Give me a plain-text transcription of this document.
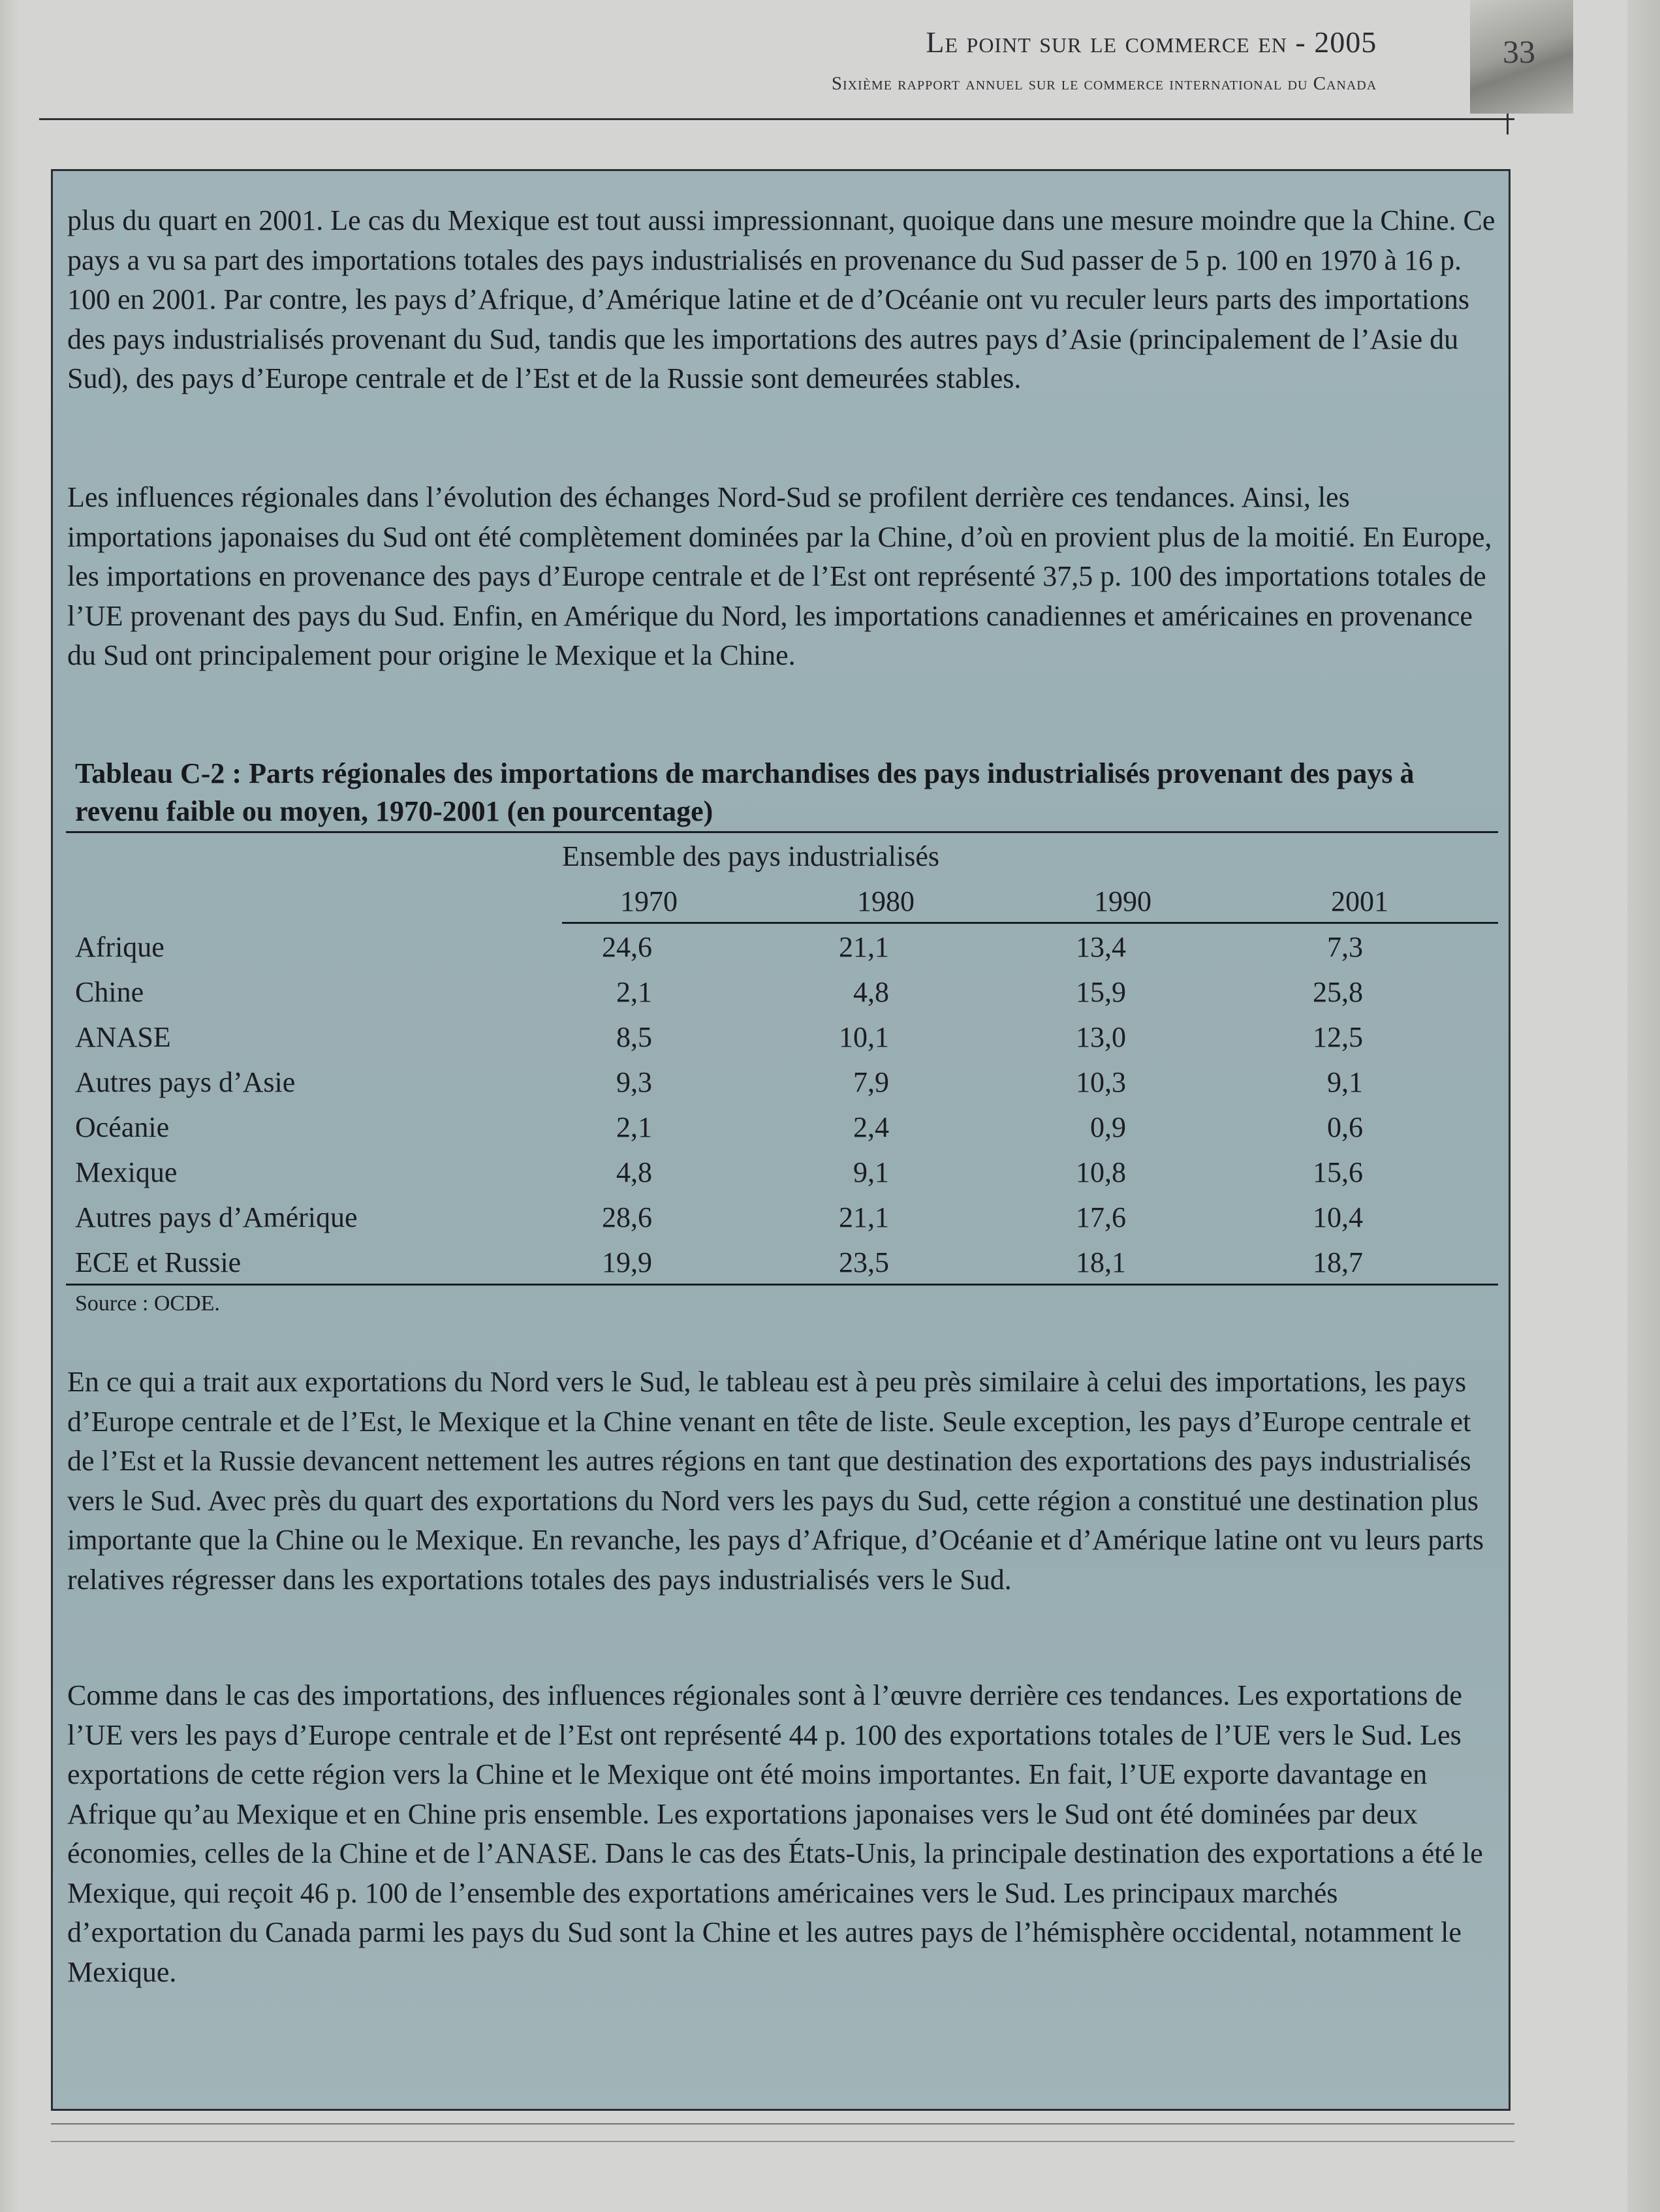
Le point sur le commerce en - 2005
Sixième rapport annuel sur le commerce international du Canada
33

plus du quart en 2001. Le cas du Mexique est tout aussi impressionnant, quoique dans une mesure moindre que la Chine. Ce pays a vu sa part des importations totales des pays industrialisés en provenance du Sud passer de 5 p. 100 en 1970 à 16 p. 100 en 2001. Par contre, les pays d’Afrique, d’Amérique latine et de d’Océanie ont vu reculer leurs parts des importations des pays industrialisés provenant du Sud, tandis que les importations des autres pays d’Asie (principalement de l’Asie du Sud), des pays d’Europe centrale et de l’Est et de la Russie sont demeurées stables.

Les influences régionales dans l’évolution des échanges Nord-Sud se profilent derrière ces tendances. Ainsi, les importations japonaises du Sud ont été complètement dominées par la Chine, d’où en provient plus de la moitié. En Europe, les importations en provenance des pays d’Europe centrale et de l’Est ont représenté 37,5 p. 100 des importations totales de l’UE provenant des pays du Sud. Enfin, en Amérique du Nord, les importations canadiennes et américaines en provenance du Sud ont principalement pour origine le Mexique et la Chine.

Tableau C-2 : Parts régionales des importations de marchandises des pays industrialisés provenant des pays à revenu faible ou moyen, 1970-2001 (en pourcentage)
Ensemble des pays industrialisés
1970	1980	1990	2001
Afrique	24,6	21,1	13,4	7,3
Chine	2,1	4,8	15,9	25,8
ANASE	8,5	10,1	13,0	12,5
Autres pays d’Asie	9,3	7,9	10,3	9,1
Océanie	2,1	2,4	0,9	0,6
Mexique	4,8	9,1	10,8	15,6
Autres pays d’Amérique	28,6	21,1	17,6	10,4
ECE et Russie	19,9	23,5	18,1	18,7
Source : OCDE.

En ce qui a trait aux exportations du Nord vers le Sud, le tableau est à peu près similaire à celui des importations, les pays d’Europe centrale et de l’Est, le Mexique et la Chine venant en tête de liste. Seule exception, les pays d’Europe centrale et de l’Est et la Russie devancent nettement les autres régions en tant que destination des exportations des pays industrialisés vers le Sud. Avec près du quart des exportations du Nord vers les pays du Sud, cette région a constitué une destination plus importante que la Chine ou le Mexique. En revanche, les pays d’Afrique, d’Océanie et d’Amérique latine ont vu leurs parts relatives régresser dans les exportations totales des pays industrialisés vers le Sud.

Comme dans le cas des importations, des influences régionales sont à l’œuvre derrière ces tendances. Les exportations de l’UE vers les pays d’Europe centrale et de l’Est ont représenté 44 p. 100 des exportations totales de l’UE vers le Sud. Les exportations de cette région vers la Chine et le Mexique ont été moins importantes. En fait, l’UE exporte davantage en Afrique qu’au Mexique et en Chine pris ensemble. Les exportations japonaises vers le Sud ont été dominées par deux économies, celles de la Chine et de l’ANASE. Dans le cas des États-Unis, la principale destination des exportations a été le Mexique, qui reçoit 46 p. 100 de l’ensemble des exportations américaines vers le Sud. Les principaux marchés d’exportation du Canada parmi les pays du Sud sont la Chine et les autres pays de l’hémisphère occidental, notamment le Mexique.
